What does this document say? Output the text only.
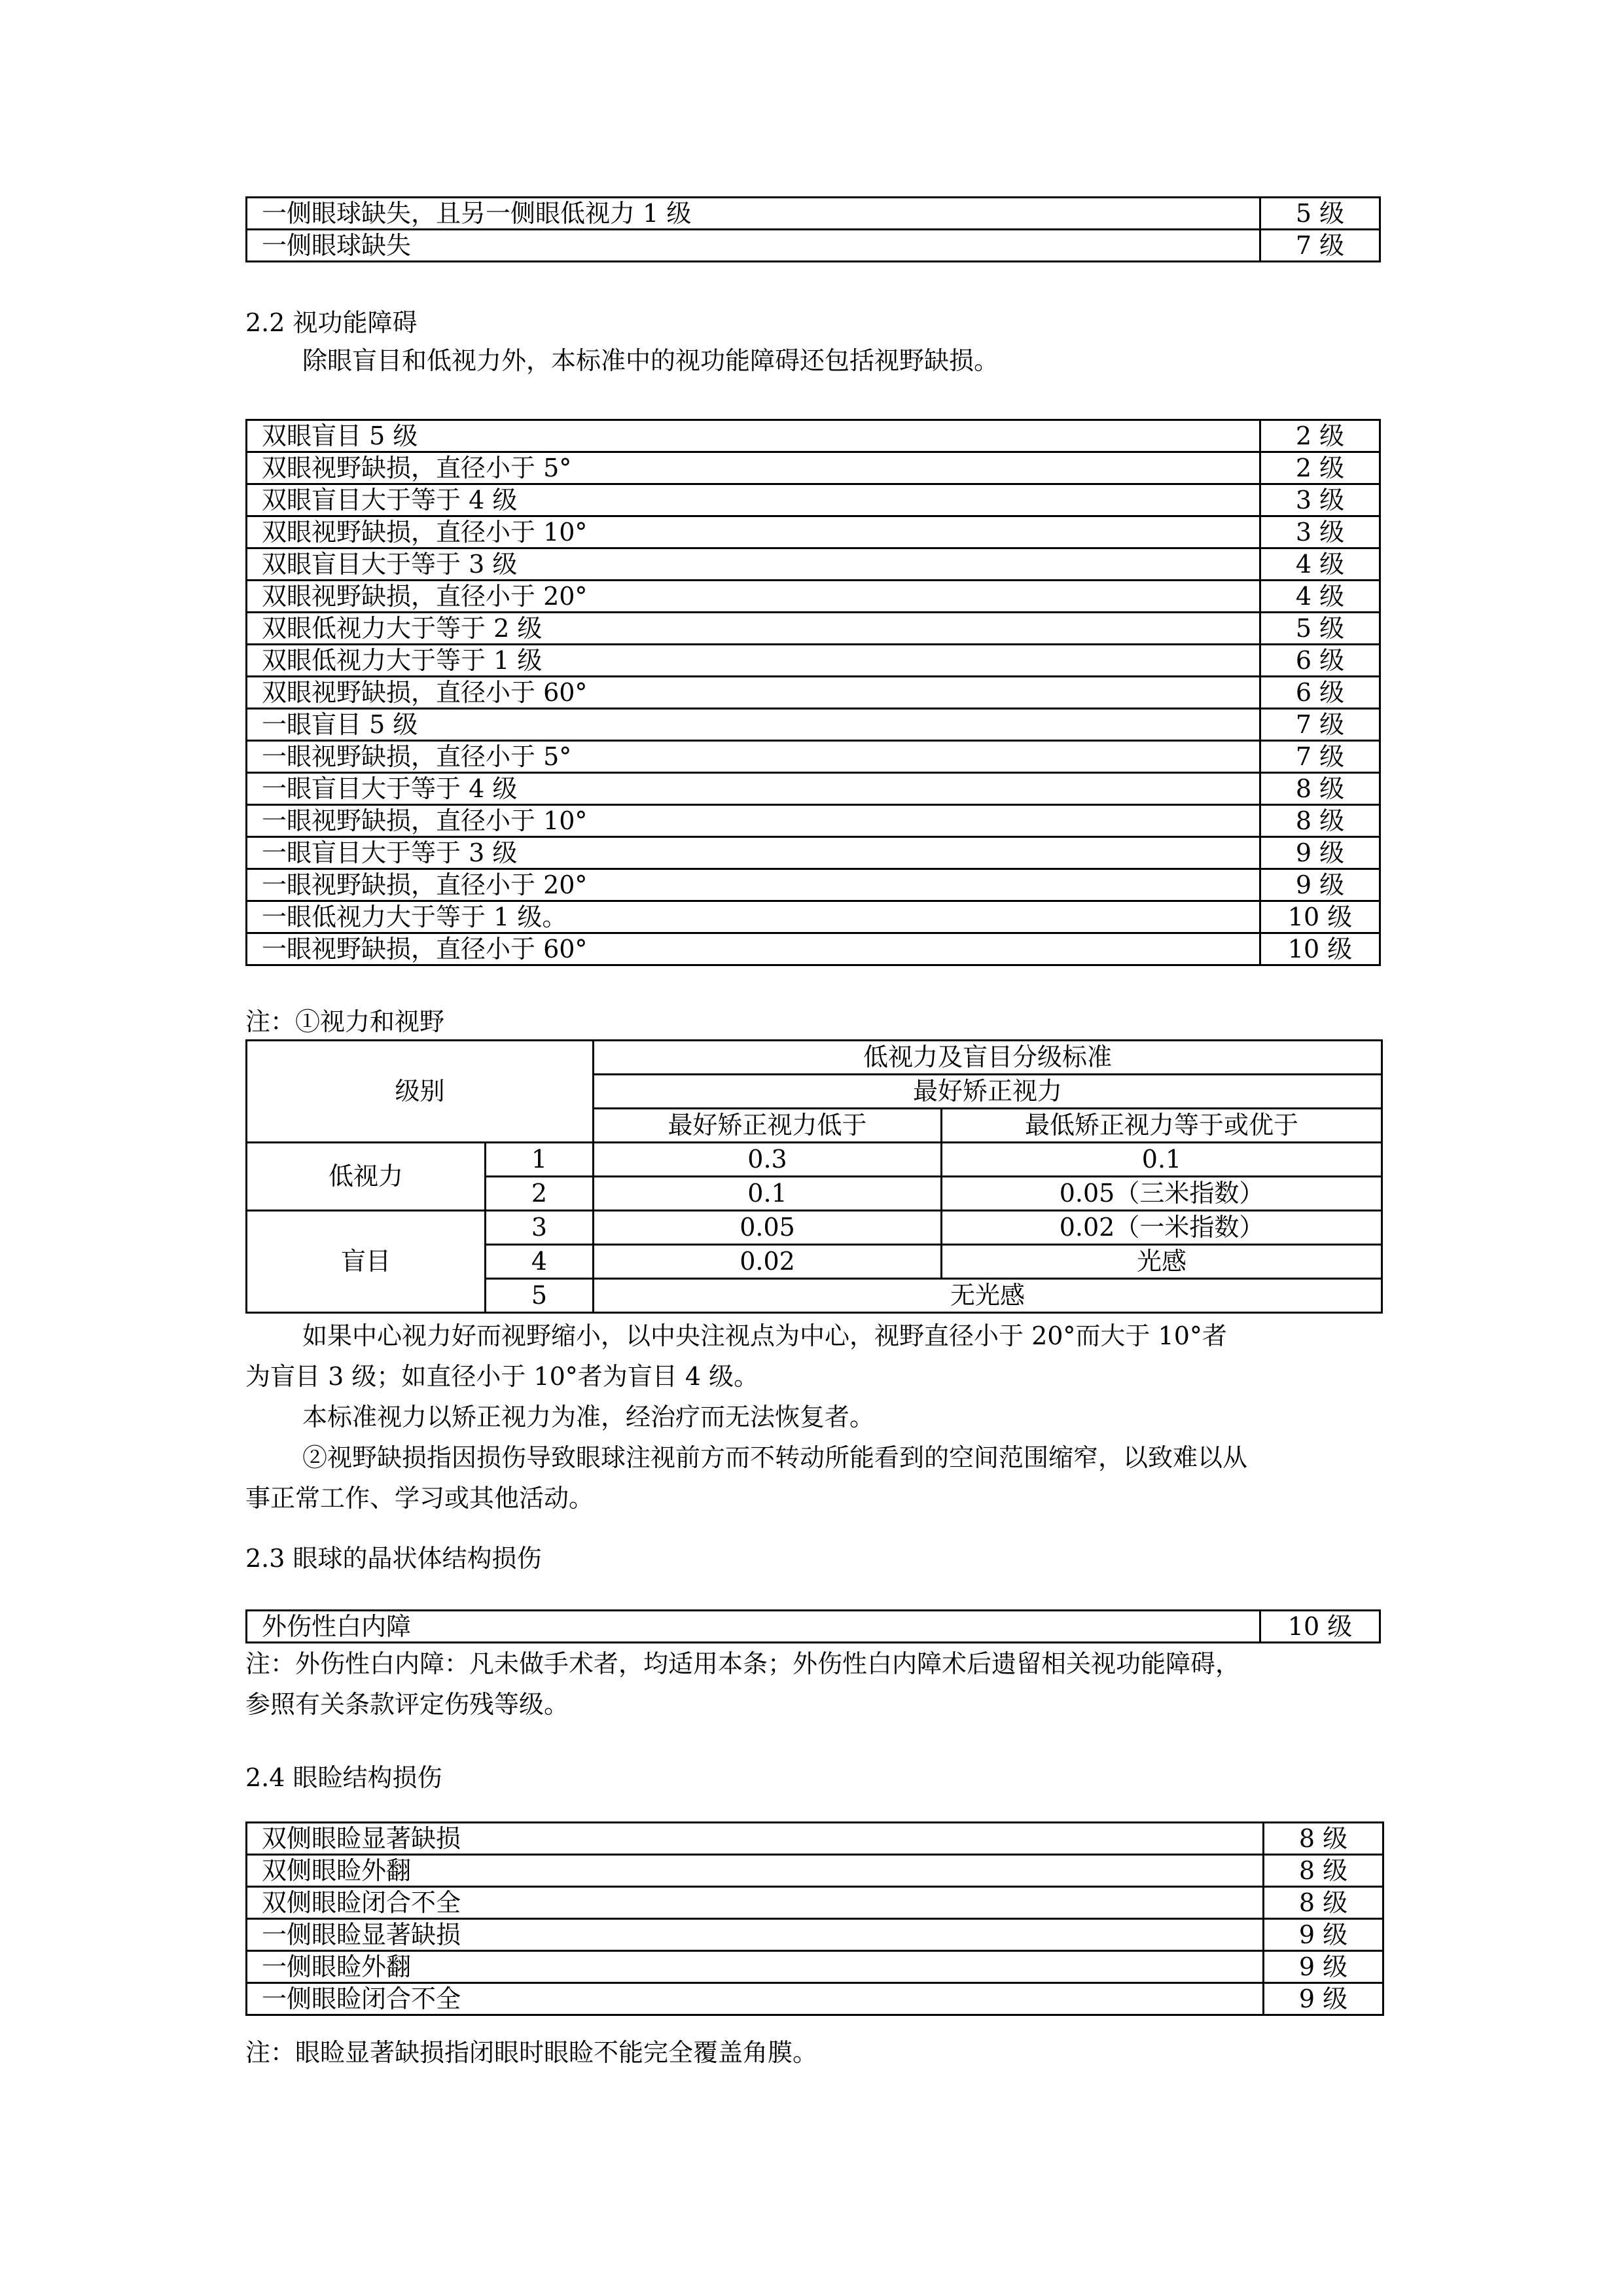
一侧眼球缺失，且另一侧眼低视力 1 级	5 级
一侧眼球缺失	7 级
2.2 视功能障碍
除眼盲目和低视力外，本标准中的视功能障碍还包括视野缺损。
双眼盲目 5 级	2 级
双眼视野缺损，直径小于 5°	2 级
双眼盲目大于等于 4 级	3 级
双眼视野缺损，直径小于 10°	3 级
双眼盲目大于等于 3 级	4 级
双眼视野缺损，直径小于 20°	4 级
双眼低视力大于等于 2 级	5 级
双眼低视力大于等于 1 级	6 级
双眼视野缺损，直径小于 60°	6 级
一眼盲目 5 级	7 级
一眼视野缺损，直径小于 5°	7 级
一眼盲目大于等于 4 级	8 级
一眼视野缺损，直径小于 10°	8 级
一眼盲目大于等于 3 级	9 级
一眼视野缺损，直径小于 20°	9 级
一眼低视力大于等于 1 级。	10 级
一眼视野缺损，直径小于 60°	10 级
注：①视力和视野
级别		低视力及盲目分级标准	
		最好矫正视力	
		最好矫正视力低于	最低矫正视力等于或优于
低视力	1	0.3	0.1
	2	0.1	0.05（三米指数）
盲目	3	0.05	0.02（一米指数）
	4	0.02	光感
	5	无光感	
如果中心视力好而视野缩小，以中央注视点为中心，视野直径小于 20°而大于 10°者
为盲目 3 级；如直径小于 10°者为盲目 4 级。
本标准视力以矫正视力为准，经治疗而无法恢复者。
②视野缺损指因损伤导致眼球注视前方而不转动所能看到的空间范围缩窄，以致难以从
事正常工作、学习或其他活动。
2.3 眼球的晶状体结构损伤
外伤性白内障	10 级
注：外伤性白内障：凡未做手术者，均适用本条；外伤性白内障术后遗留相关视功能障碍，
参照有关条款评定伤残等级。
2.4 眼睑结构损伤
双侧眼睑显著缺损	8 级
双侧眼睑外翻	8 级
双侧眼睑闭合不全	8 级
一侧眼睑显著缺损	9 级
一侧眼睑外翻	9 级
一侧眼睑闭合不全	9 级
注：眼睑显著缺损指闭眼时眼睑不能完全覆盖角膜。
